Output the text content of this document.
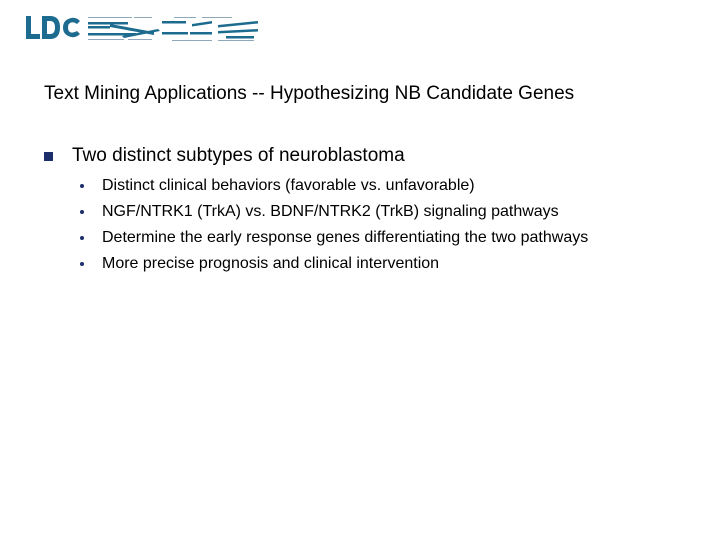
Text Mining Applications -- Hypothesizing NB Candidate Genes
Two distinct subtypes of neuroblastoma
Distinct clinical behaviors (favorable vs. unfavorable)
NGF/NTRK1 (TrkA) vs. BDNF/NTRK2 (TrkB) signaling pathways
Determine the early response genes differentiating the two pathways
More precise prognosis and clinical intervention
